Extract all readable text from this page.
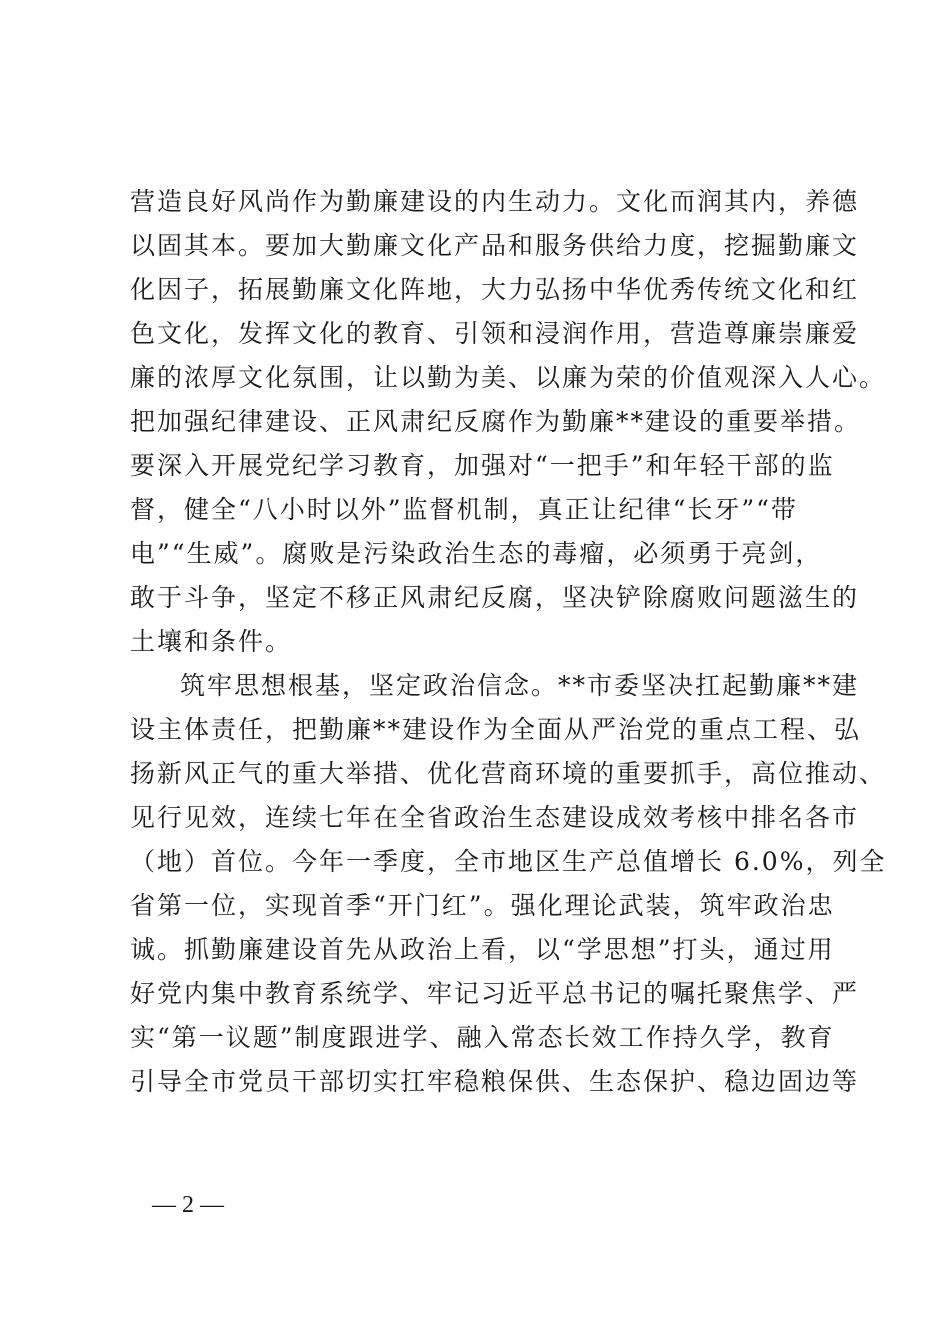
营造良好风尚作为勤廉建设的内生动力。文化而润其内，养德
以固其本。要加大勤廉文化产品和服务供给力度，挖掘勤廉文
化因子，拓展勤廉文化阵地，大力弘扬中华优秀传统文化和红
色文化，发挥文化的教育、引领和浸润作用，营造尊廉崇廉爱
廉的浓厚文化氛围，让以勤为美、以廉为荣的价值观深入人心。
把加强纪律建设、正风肃纪反腐作为勤廉**建设的重要举措。
要深入开展党纪学习教育，加强对“一把手”和年轻干部的监
督，健全“八小时以外”监督机制，真正让纪律“长牙”“带
电”“生威”。腐败是污染政治生态的毒瘤，必须勇于亮剑，
敢于斗争，坚定不移正风肃纪反腐，坚决铲除腐败问题滋生的
土壤和条件。
筑牢思想根基，坚定政治信念。**市委坚决扛起勤廉**建
设主体责任，把勤廉**建设作为全面从严治党的重点工程、弘
扬新风正气的重大举措、优化营商环境的重要抓手，高位推动、
见行见效，连续七年在全省政治生态建设成效考核中排名各市
（地）首位。今年一季度，全市地区生产总值增长 6.0%，列全
省第一位，实现首季“开门红”。强化理论武装，筑牢政治忠
诚。抓勤廉建设首先从政治上看，以“学思想”打头，通过用
好党内集中教育系统学、牢记习近平总书记的嘱托聚焦学、严
实“第一议题”制度跟进学、融入常态长效工作持久学，教育
引导全市党员干部切实扛牢稳粮保供、生态保护、稳边固边等
— 2 —
